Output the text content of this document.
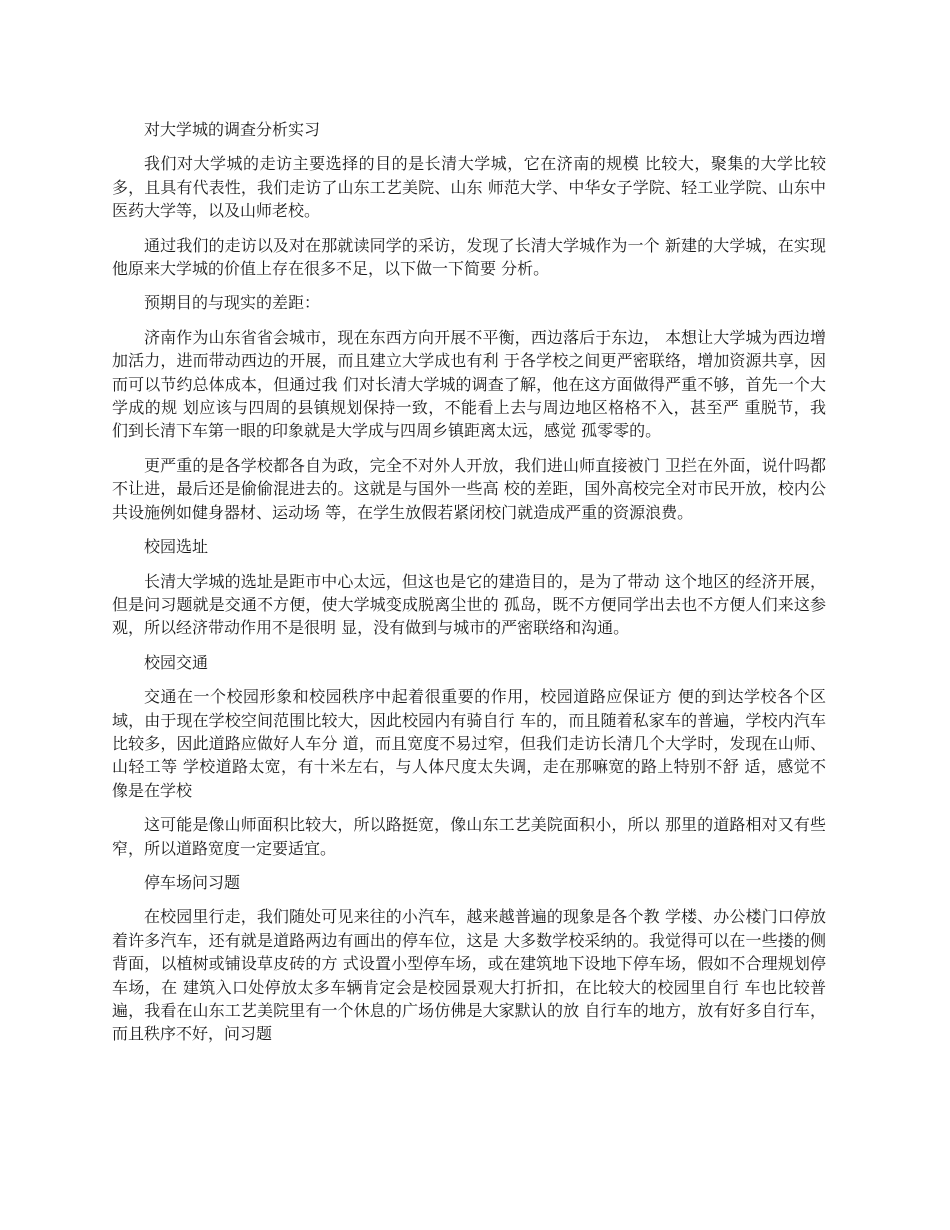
对大学城的调查分析实习

我们对大学城的走访主要选择的目的是长清大学城，它在济南的规模 比较大，聚集的大学比较多，且具有代表性，我们走访了山东工艺美院、山东 师范大学、中华女子学院、轻工业学院、山东中医药大学等，以及山师老校。

通过我们的走访以及对在那就读同学的采访，发现了长清大学城作为一个 新建的大学城，在实现他原来大学城的价值上存在很多不足，以下做一下简要 分析。

预期目的与现实的差距：

济南作为山东省省会城市，现在东西方向开展不平衡，西边落后于东边， 本想让大学城为西边增加活力，进而带动西边的开展，而且建立大学成也有利 于各学校之间更严密联络，增加资源共享，因而可以节约总体成本，但通过我 们对长清大学城的调查了解，他在这方面做得严重不够，首先一个大学成的规 划应该与四周的县镇规划保持一致，不能看上去与周边地区格格不入，甚至严 重脱节，我们到长清下车第一眼的印象就是大学成与四周乡镇距离太远，感觉 孤零零的。

更严重的是各学校都各自为政，完全不对外人开放，我们进山师直接被门 卫拦在外面，说什吗都不让进，最后还是偷偷混进去的。这就是与国外一些高 校的差距，国外高校完全对市民开放，校内公共设施例如健身器材、运动场 等，在学生放假若紧闭校门就造成严重的资源浪费。

校园选址

长清大学城的选址是距市中心太远，但这也是它的建造目的，是为了带动 这个地区的经济开展，但是问习题就是交通不方便，使大学城变成脱离尘世的 孤岛，既不方便同学出去也不方便人们来这参观，所以经济带动作用不是很明 显，没有做到与城市的严密联络和沟通。

校园交通

交通在一个校园形象和校园秩序中起着很重要的作用，校园道路应保证方 便的到达学校各个区域，由于现在学校空间范围比较大，因此校园内有骑自行 车的，而且随着私家车的普遍，学校内汽车比较多，因此道路应做好人车分 道，而且宽度不易过窄，但我们走访长清几个大学时，发现在山师、山轻工等 学校道路太宽，有十米左右，与人体尺度太失调，走在那嘛宽的路上特别不舒 适，感觉不像是在学校

这可能是像山师面积比较大，所以路挺宽，像山东工艺美院面积小，所以 那里的道路相对又有些窄，所以道路宽度一定要适宜。

停车场问习题

在校园里行走，我们随处可见来往的小汽车，越来越普遍的现象是各个教 学楼、办公楼门口停放着许多汽车，还有就是道路两边有画出的停车位，这是 大多数学校采纳的。我觉得可以在一些搂的侧背面，以植树或铺设草皮砖的方 式设置小型停车场，或在建筑地下设地下停车场，假如不合理规划停车场，在 建筑入口处停放太多车辆肯定会是校园景观大打折扣，在比较大的校园里自行 车也比较普遍，我看在山东工艺美院里有一个休息的广场仿佛是大家默认的放 自行车的地方，放有好多自行车，而且秩序不好，问习题
